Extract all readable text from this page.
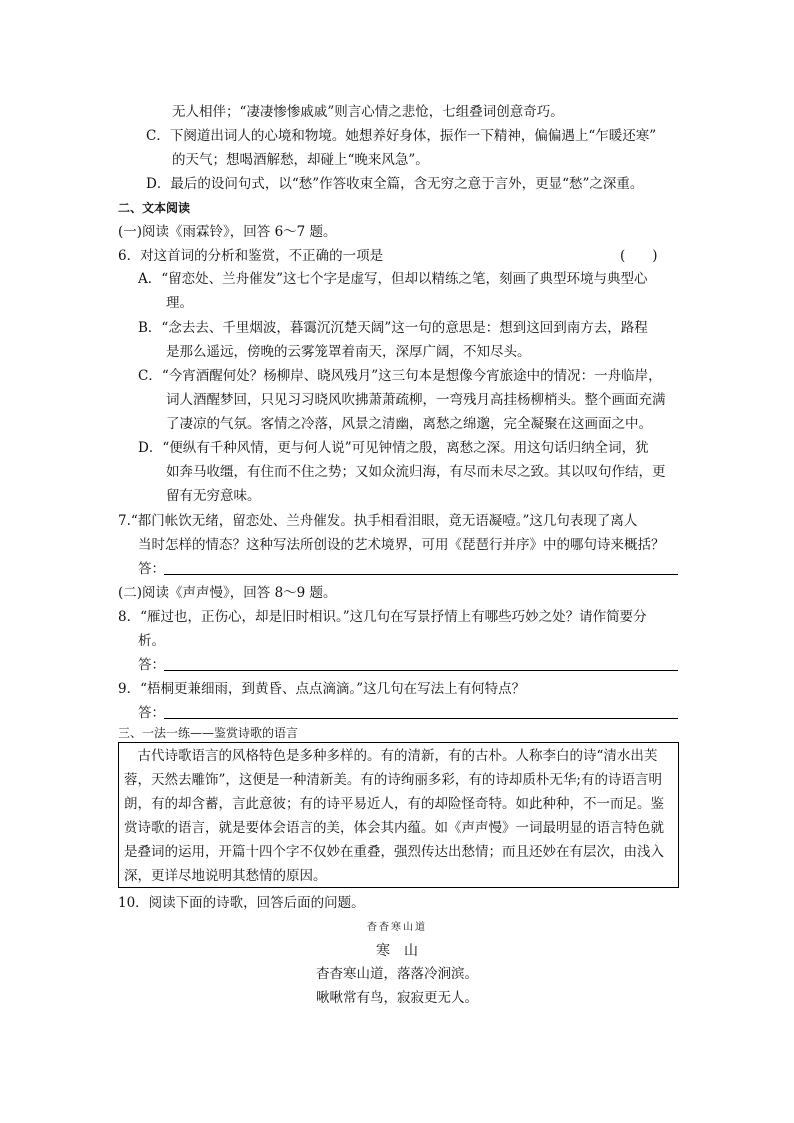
无人相伴；“凄凄惨惨戚戚”则言心情之悲怆，七组叠词创意奇巧。
C．下阕道出词人的心境和物境。她想养好身体，振作一下精神，偏偏遇上“乍暖还寒”
的天气；想喝酒解愁，却碰上“晚来风急”。
D．最后的设问句式，以“愁”作答收束全篇，含无穷之意于言外，更显“愁”之深重。
二、文本阅读
(一)阅读《雨霖铃》，回答 6～7 题。
6．对这首词的分析和鉴赏，不正确的一项是	(　　)
A．“留恋处、兰舟催发”这七个字是虚写，但却以精练之笔，刻画了典型环境与典型心
理。
B．“念去去、千里烟波，暮霭沉沉楚天阔”这一句的意思是：想到这回到南方去，路程
是那么遥远，傍晚的云雾笼罩着南天，深厚广阔，不知尽头。
C．“今宵酒醒何处？杨柳岸、晓风残月”这三句本是想像今宵旅途中的情况：一舟临岸，
词人酒醒梦回，只见习习晓风吹拂萧萧疏柳，一弯残月高挂杨柳梢头。整个画面充满
了凄凉的气氛。客情之冷落，风景之清幽，离愁之绵邈，完全凝聚在这画面之中。
D．“便纵有千种风情，更与何人说”可见钟情之殷，离愁之深。用这句话归纳全词，犹
如奔马收缰，有住而不住之势；又如众流归海，有尽而未尽之致。其以叹句作结，更
留有无穷意味。
7.“都门帐饮无绪，留恋处、兰舟催发。执手相看泪眼，竟无语凝噎。”这几句表现了离人
当时怎样的情态？这种写法所创设的艺术境界，可用《琵琶行并序》中的哪句诗来概括？
答：
(二)阅读《声声慢》，回答 8～9 题。
8．“雁过也，正伤心，却是旧时相识。”这几句在写景抒情上有哪些巧妙之处？请作简要分
析。
答：
9．“梧桐更兼细雨，到黄昏、点点滴滴。”这几句在写法上有何特点？
答：
三、一法一练——鉴赏诗歌的语言
　古代诗歌语言的风格特色是多种多样的。有的清新，有的古朴。人称李白的诗“清水出芙
蓉，天然去雕饰”，这便是一种清新美。有的诗绚丽多彩，有的诗却质朴无华;有的诗语言明
朗，有的却含蓄，言此意彼；有的诗平易近人，有的却险怪奇特。如此种种，不一而足。鉴
赏诗歌的语言，就是要体会语言的美，体会其内蕴。如《声声慢》一词最明显的语言特色就
是叠词的运用，开篇十四个字不仅妙在重叠，强烈传达出愁情；而且还妙在有层次，由浅入
深，更详尽地说明其愁情的原因。
10．阅读下面的诗歌，回答后面的问题。
杳杳寒山道
寒　山
杳杳寒山道，落落冷涧滨。
啾啾常有鸟，寂寂更无人。
